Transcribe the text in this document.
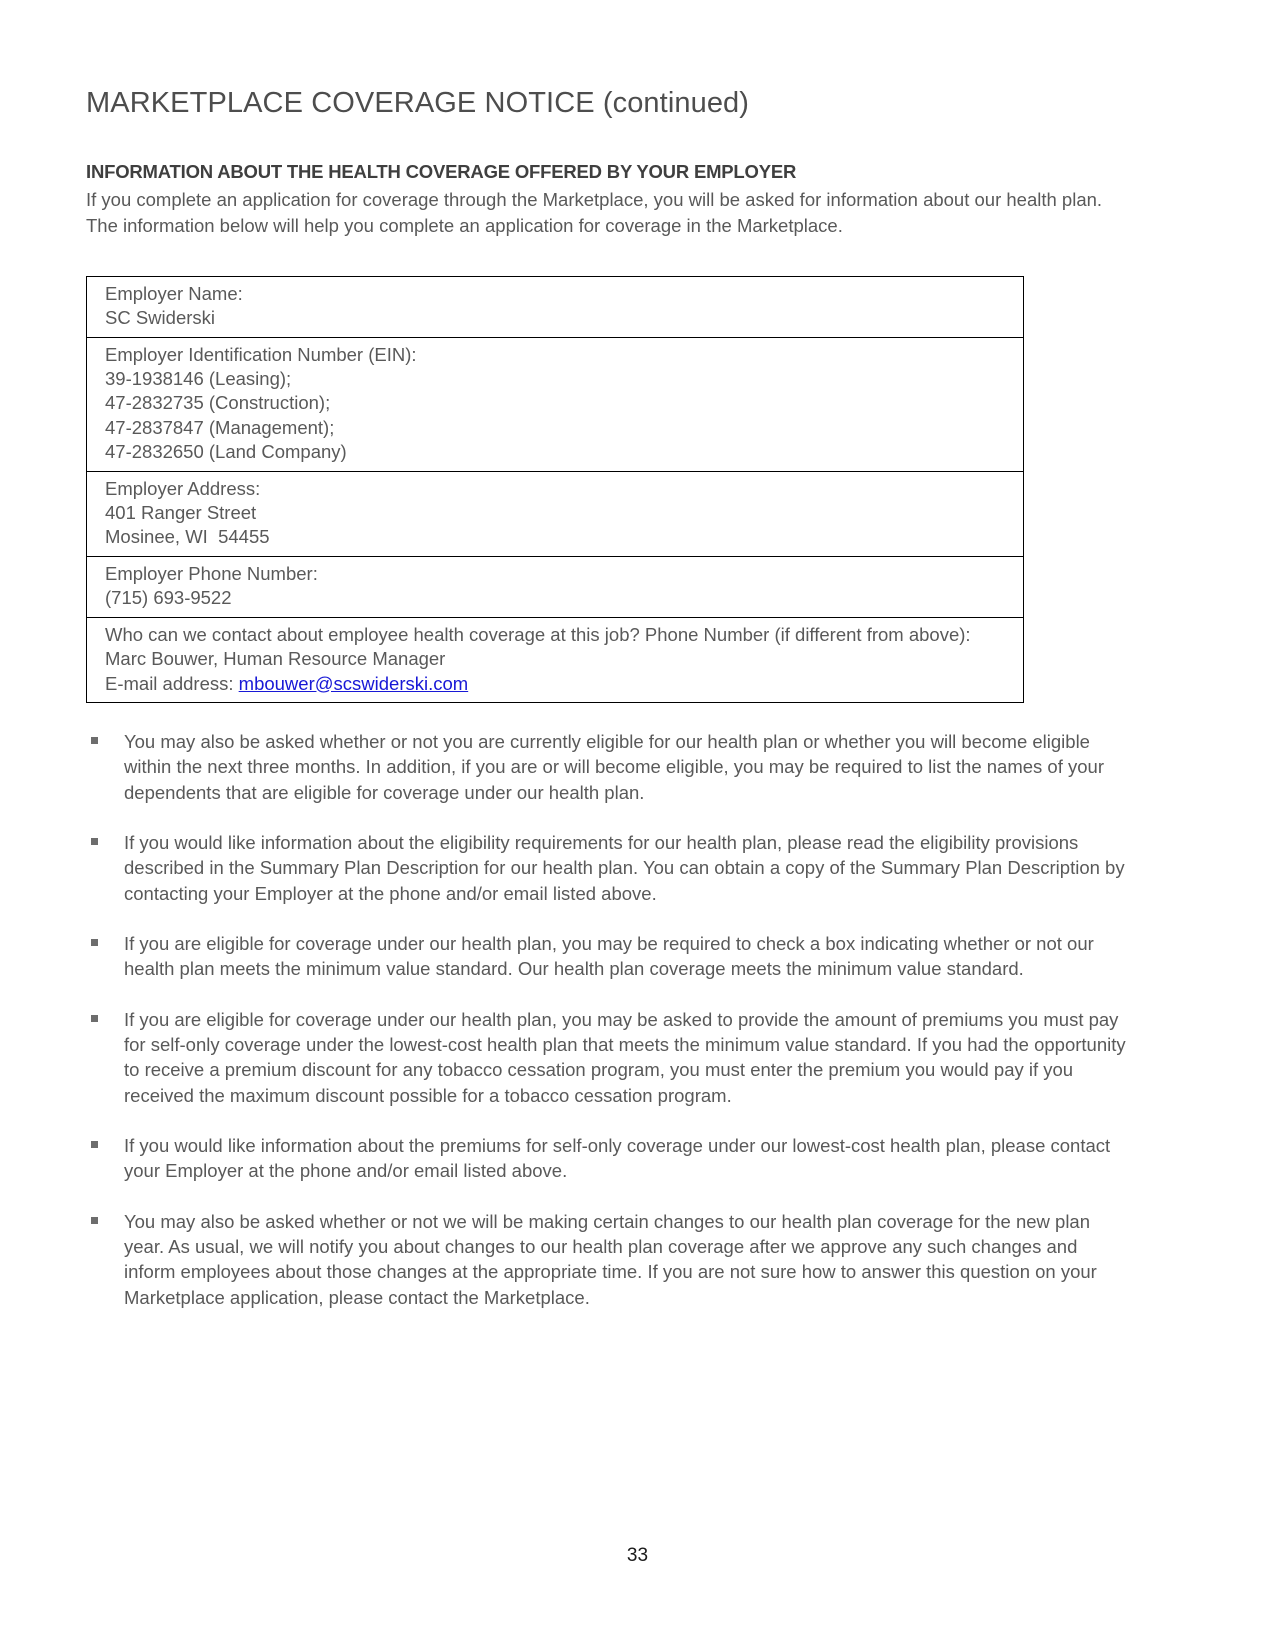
MARKETPLACE COVERAGE NOTICE (continued)
INFORMATION ABOUT THE HEALTH COVERAGE OFFERED BY YOUR EMPLOYER

If you complete an application for coverage through the Marketplace, you will be asked for information about our health plan.
The information below will help you complete an application for coverage in the Marketplace.

Employer Name:
SC Swiderski

Employer Identification Number (EIN):
39-1938146 (Leasing);
47-2832735 (Construction);
47-2837847 (Management);
47-2832650 (Land Company)

Employer Address:
401 Ranger Street
Mosinee, WI  54455

Employer Phone Number:
(715) 693-9522

Who can we contact about employee health coverage at this job? Phone Number (if different from above):
Marc Bouwer, Human Resource Manager
E-mail address: mbouwer@scswiderski.com
You may also be asked whether or not you are currently eligible for our health plan or whether you will become eligible within the next three months. In addition, if you are or will become eligible, you may be required to list the names of your dependents that are eligible for coverage under our health plan.
If you would like information about the eligibility requirements for our health plan, please read the eligibility provisions described in the Summary Plan Description for our health plan. You can obtain a copy of the Summary Plan Description by contacting your Employer at the phone and/or email listed above.
If you are eligible for coverage under our health plan, you may be required to check a box indicating whether or not our health plan meets the minimum value standard. Our health plan coverage meets the minimum value standard.
If you are eligible for coverage under our health plan, you may be asked to provide the amount of premiums you must pay for self-only coverage under the lowest-cost health plan that meets the minimum value standard. If you had the opportunity to receive a premium discount for any tobacco cessation program, you must enter the premium you would pay if you received the maximum discount possible for a tobacco cessation program.
If you would like information about the premiums for self-only coverage under our lowest-cost health plan, please contact your Employer at the phone and/or email listed above.
You may also be asked whether or not we will be making certain changes to our health plan coverage for the new plan year. As usual, we will notify you about changes to our health plan coverage after we approve any such changes and inform employees about those changes at the appropriate time. If you are not sure how to answer this question on your Marketplace application, please contact the Marketplace.
33
